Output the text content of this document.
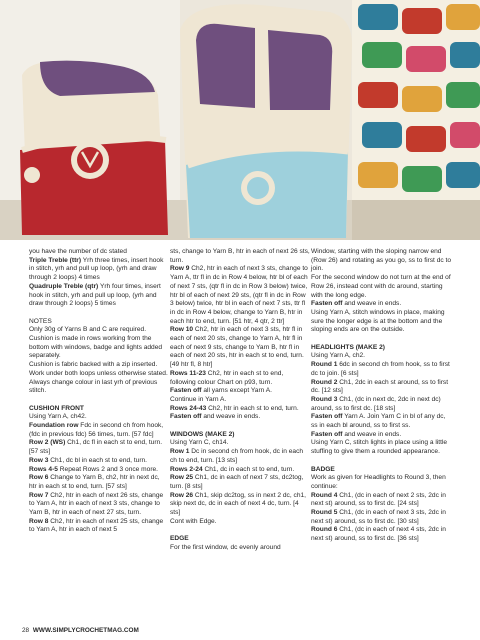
you have the number of dc stated

Triple Treble (ttr) Yrh three times, insert hook in stitch, yrh and pull up loop, (yrh and draw through 2 loops) 4 times

Quadruple Treble (qtr) Yrh four times, insert hook in stitch, yrh and pull up loop, (yrh and draw through 2 loops) 5 times

NOTES

Only 30g of Yarns B and C are required.

Cushion is made in rows working from the bottom with windows, badge and lights added separately.

Cushion is fabric backed with a zip inserted.

Work under both loops unless otherwise stated.

Always change colour in last yrh of previous stitch.

CUSHION FRONT

Using Yarn A, ch42.

Foundation row Fdc in second ch from hook, (fdc in previous fdc) 56 times, turn. [57 fdc]

Row 2 (WS) Ch1, dc fl in each st to end, turn. [57 sts]

Row 3 Ch1, dc bl in each st to end, turn.

Rows 4-5 Repeat Rows 2 and 3 once more.

Row 6 Change to Yarn B, ch2, htr in next dc, htr in each st to end, turn. [57 sts]

Row 7 Ch2, htr in each of next 26 sts, change to Yarn A, htr in each of next 3 sts, change to Yarn B, htr in each of next 27 sts, turn.

Row 8 Ch2, htr in each of next 25 sts, change to Yarn A, htr in each of next 5

sts, change to Yarn B, htr in each of next 26 sts, turn.

Row 9 Ch2, htr in each of next 3 sts, change to Yarn A, ttr fl in dc in Row 4 below, htr bl of each of next 7 sts, (qtr fl in dc in Row 3 below) twice, htr bl of each of next 29 sts, (qtr fl in dc in Row 3 below) twice, htr bl in each of next 7 sts, ttr fl in dc in Row 4 below, change to Yarn B, htr in each htr to end, turn. [51 htr, 4 qtr, 2 ttr]

Row 10 Ch2, htr in each of next 3 sts, htr fl in each of next 20 sts, change to Yarn A, htr fl in each of next 9 sts, change to Yarn B, htr fl in each of next 20 sts, htr in each st to end, turn. [49 htr fl, 8 htr]

Rows 11-23 Ch2, htr in each st to end, following colour Chart on p93, turn.

Fasten off all yarns except Yarn A.

Continue in Yarn A.

Rows 24-43 Ch2, htr in each st to end, turn.

Fasten off and weave in ends.

WINDOWS (MAKE 2)

Using Yarn C, ch14.

Row 1 Dc in second ch from hook, dc in each ch to end, turn. [13 sts]

Rows 2-24 Ch1, dc in each st to end, turn.

Row 25 Ch1, dc in each of next 7 sts, dc2tog, turn. [8 sts]

Row 26 Ch1, skip dc2tog, ss in next 2 dc, ch1, skip next dc, dc in each of next 4 dc, turn. [4 sts]

Cont with Edge.

EDGE

For the first window, dc evenly around

Window, starting with the sloping narrow end (Row 26) and rotating as you go, ss to first dc to join.

For the second window do not turn at the end of Row 26, instead cont with dc around, starting with the long edge.

Fasten off and weave in ends.

Using Yarn A, stitch windows in place, making sure the longer edge is at the bottom and the sloping ends are on the outside.

HEADLIGHTS (MAKE 2)

Using Yarn A, ch2.

Round 1 6dc in second ch from hook, ss to first dc to join. [6 sts]

Round 2 Ch1, 2dc in each st around, ss to first dc. [12 sts]

Round 3 Ch1, (dc in next dc, 2dc in next dc) around, ss to first dc. [18 sts]

Fasten off Yarn A. Join Yarn C in bl of any dc, ss in each bl around, ss to first ss.

Fasten off and weave in ends.

Using Yarn C, stitch lights in place using a little stuffing to give them a rounded appearance.

BADGE

Work as given for Headlights to Round 3, then continue:

Round 4 Ch1, (dc in each of next 2 sts, 2dc in next st) around, ss to first dc. [24 sts]

Round 5 Ch1, (dc in each of next 3 sts, 2dc in next st) around, ss to first dc. [30 sts]

Round 6 Ch1, (dc in each of next 4 sts, 2dc in next st) around, ss to first dc. [36 sts]

28 WWW.SIMPLYCROCHETMAG.COM
